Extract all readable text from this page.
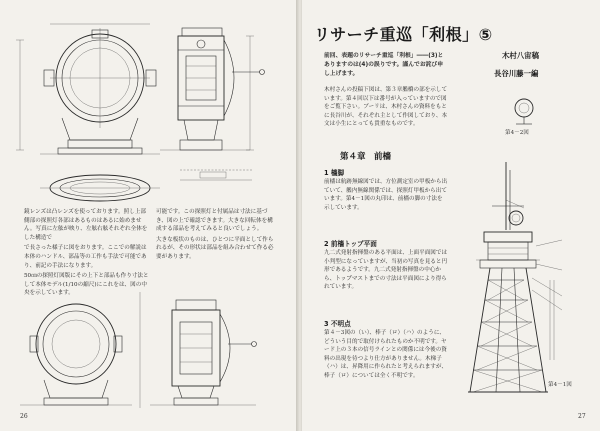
鏡レンズは凸レンズを使っております。照し上部側部の探照灯各部はあるものはあるに始めません。写真に左舷が映り、左舷右舷それぞれ全体をした構造で

で長さった様子に図をおります。ここでの解説は本体のハンドル、部品等の工作も手法で可能であり、前記の手法になります。

50㎝の探照灯図版にその上下と部品も作り寸法として本体モデル(1/10の縮尺)にこれをは、図の中央を示しています。

可能です。この探照灯と付属品は寸法に基づき、図の上で確認できます。大きな回転体を構成する部品を考えてみると良いでしょう。

大きな板状のものは、ひとつに平面として作られるが、その形状は部品を組み合わせて作る必要があります。

26
リサーチ重巡「利根」⑤
前回、表題のリサーチ重巡「利根」――(3)とありますのは(4)の誤りです。謹んでお詫び申し上げます。
木村八宙稿
長谷川藤一編
木村さんの投稿下図は、第３章艦橋の部を示しています。第４回以下は番号が入っていますので図をご覧下さい。ブーリは、木村さんの資料をもとに長谷川が、それぞれ主として作図しており、本文は小生にとっても貴重なものです。
第4－2図
第４章　前檣
1 檣脚
前檣は航跡無線図では、方位測定室の甲板から出ていて、艦内無線関係では、探照灯甲板から出ています。第4－1図の丸印は、前檣の脚の寸法を示しています。
2 前檣トップ平面
九二式発射指揮盤のある平面は、上面平面図では小判型になっていますが、当初の写真を見ると円形であるようです。九二式発射指揮盤の中心から、トップマストまでの寸法は平面図により得られています。
3 不明点
第４－3図の（い）、棒子（ロ）（ハ）のように、どういう目的で取付けられたものか不明です。ヤード上の３本の信号ラインとの関係には今後の資料の出現を待つより仕方がありません。木梯子（ハ）は、昇降用に作られたと考えられますが、棒子（ロ）については全く不明です。
第4－1図
27
